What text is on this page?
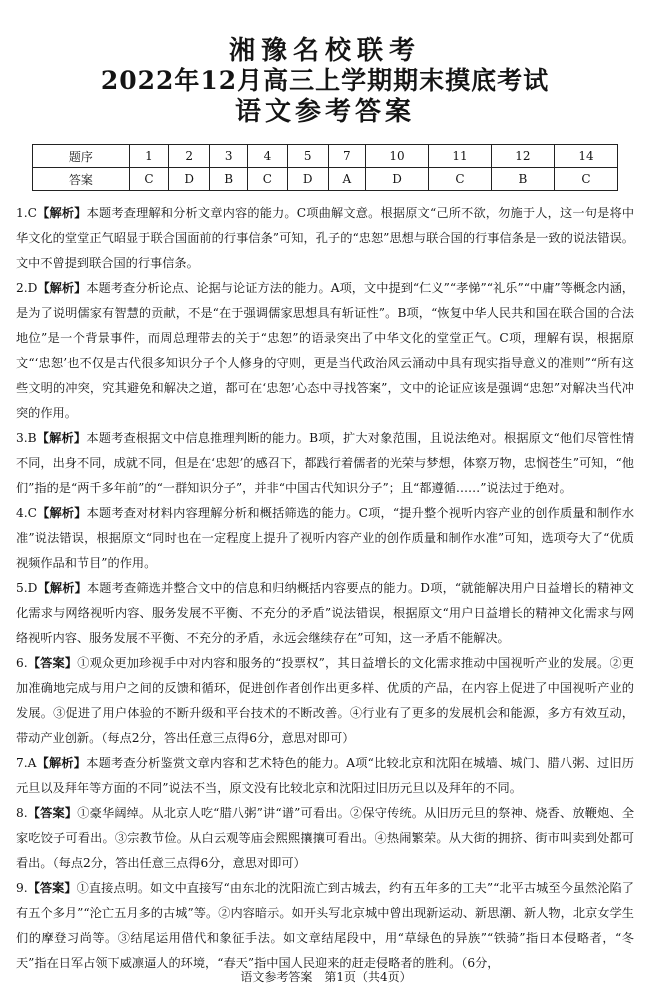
湘豫名校联考
2022年12月高三上学期期末摸底考试
语文参考答案
题序	1	2	3	4	5	7	10	11	12	14
答案	C	D	B	C	D	A	D	C	B	C

1.C【解析】本题考查理解和分析文章内容的能力。C项曲解文意。根据原文“己所不欲，勿施于人，这一句是将中华文化的堂堂正气昭显于联合国面前的行事信条”可知，孔子的“忠恕”思想与联合国的行事信条是一致的说法错误。文中不曾提到联合国的行事信条。

2.D【解析】本题考查分析论点、论据与论证方法的能力。A项，文中提到“仁义”“孝悌”“礼乐”“中庸”等概念内涵，是为了说明儒家有智慧的贡献，不是“在于强调儒家思想具有斩证性”。B项，“恢复中华人民共和国在联合国的合法地位”是一个背景事件，而周总理带去的关于“忠恕”的语录突出了中华文化的堂堂正气。C项，理解有误，根据原文“‘忠恕’也不仅是古代很多知识分子个人修身的守则，更是当代政治风云涌动中具有现实指导意义的准则”“所有这些文明的冲突，究其避免和解决之道，都可在‘忠恕’心态中寻找答案”，文中的论证应该是强调“忠恕”对解决当代冲突的作用。

3.B【解析】本题考查根据文中信息推理判断的能力。B项，扩大对象范围，且说法绝对。根据原文“他们尽管性情不同，出身不同，成就不同，但是在‘忠恕’的感召下，都践行着儒者的光荣与梦想，体察万物，忠悯苍生”可知，“他们”指的是“两千多年前”的“一群知识分子”，并非“中国古代知识分子”；且“都遵循……”说法过于绝对。

4.C【解析】本题考查对材料内容理解分析和概括筛选的能力。C项，“提升整个视听内容产业的创作质量和制作水准”说法错误，根据原文“同时也在一定程度上提升了视听内容产业的创作质量和制作水准”可知，选项夸大了“优质视频作品和节目”的作用。

5.D【解析】本题考查筛选并整合文中的信息和归纳概括内容要点的能力。D项，“就能解决用户日益增长的精神文化需求与网络视听内容、服务发展不平衡、不充分的矛盾”说法错误，根据原文“用户日益增长的精神文化需求与网络视听内容、服务发展不平衡、不充分的矛盾，永远会继续存在”可知，这一矛盾不能解决。

6.【答案】①观众更加珍视手中对内容和服务的“投票权”，其日益增长的文化需求推动中国视听产业的发展。②更加准确地完成与用户之间的反馈和循环，促进创作者创作出更多样、优质的产品，在内容上促进了中国视听产业的发展。③促进了用户体验的不断升级和平台技术的不断改善。④行业有了更多的发展机会和能源，多方有效互动，带动产业创新。（每点2分，答出任意三点得6分，意思对即可）

7.A【解析】本题考查分析鉴赏文章内容和艺术特色的能力。A项“比较北京和沈阳在城墙、城门、腊八粥、过旧历元旦以及拜年等方面的不同”说法不当，原文没有比较北京和沈阳过旧历元旦以及拜年的不同。

8.【答案】①豪华阔绰。从北京人吃“腊八粥”讲“谱”可看出。②保守传统。从旧历元旦的祭神、烧香、放鞭炮、全家吃饺子可看出。③宗教节俭。从白云观等庙会熙熙攘攘可看出。④热闹繁荣。从大街的拥挤、街市叫卖到处都可看出。（每点2分，答出任意三点得6分，意思对即可）

9.【答案】①直接点明。如文中直接写“由东北的沈阳流亡到古城去，约有五年多的工夫”“北平古城至今虽然沦陷了有五个多月”“沦亡五月多的古城”等。②内容暗示。如开头写北京城中曾出现新运动、新思潮、新人物，北京女学生们的摩登习尚等。③结尾运用借代和象征手法。如文章结尾段中，用“草绿色的异族”“铁骑”指日本侵略者，“冬天”指在日军占领下威凛逼人的环境，“春天”指中国人民迎来的赶走侵略者的胜利。（6分，

语文参考答案　第1页（共4页）
